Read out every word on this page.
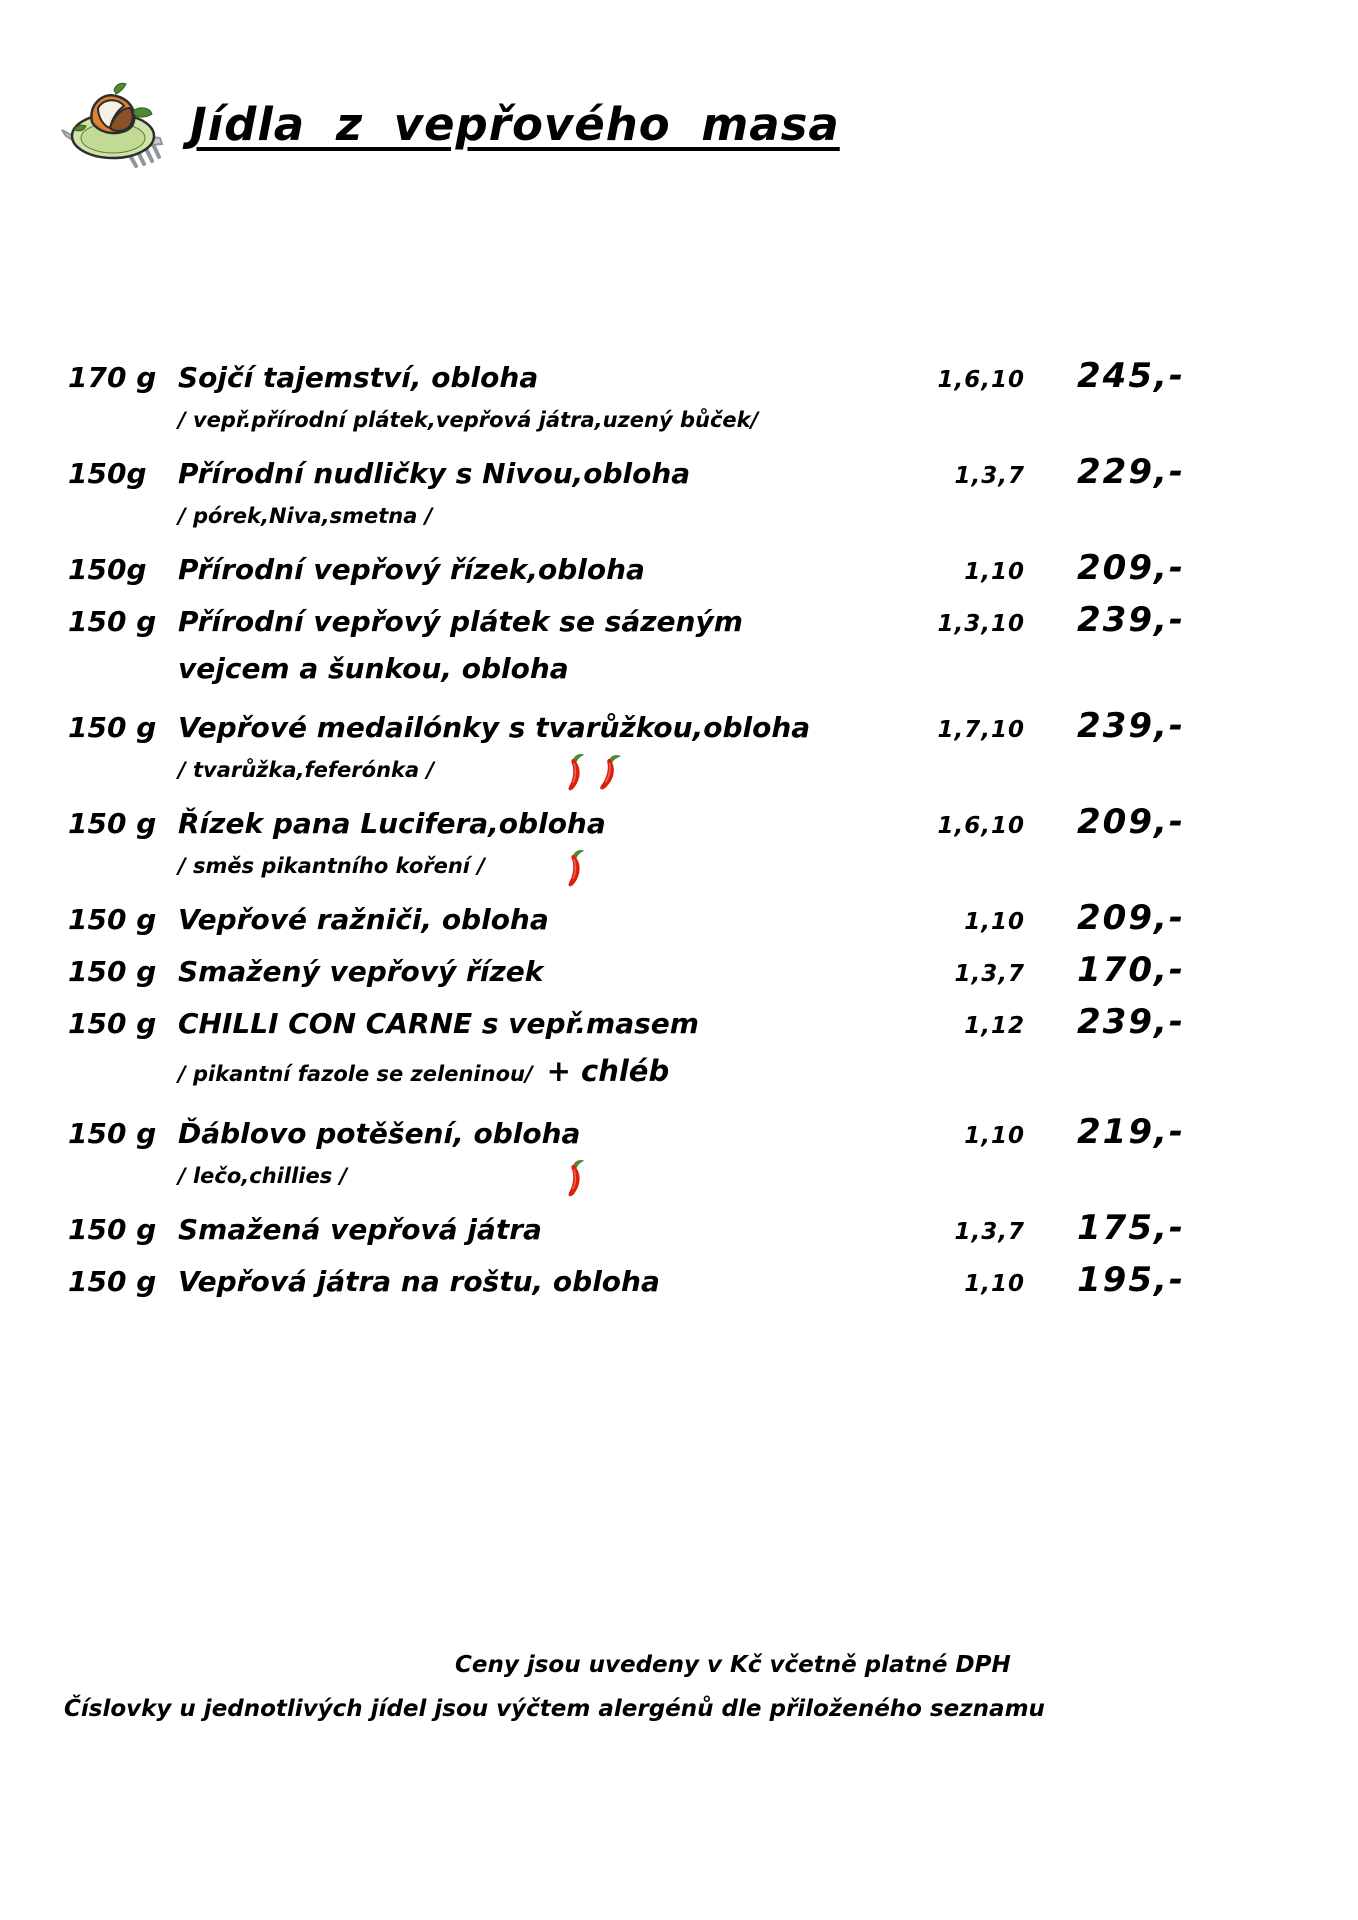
Jídla z vepřového masa
170 g Sojčí tajemství, obloha	1,6,10	245,-
/ vepř.přírodní plátek,vepřová játra,uzený bůček/
150g	Přírodní nudličky s Nivou,obloha	1,3,7	229,-
/ pórek,Niva,smetna /
150g	Přírodní vepřový řízek,obloha	1,10	209,-
150 g Přírodní vepřový plátek se sázeným	1,3,10	239,-
vejcem a šunkou, obloha
150 g Vepřové medailónky s tvarůžkou,obloha	1,7,10	239,-
/ tvarůžka,feferónka /
150 g Řízek pana Lucifera,obloha	1,6,10	209,-
/ směs pikantního koření /
150 g Vepřové ražniči, obloha	1,10	209,-
150 g Smažený vepřový řízek	1,3,7	170,-
150 g CHILLI CON CARNE s vepř.masem	1,12	239,-
/ pikantní fazole se zeleninou/ + chléb
150 g Ďáblovo potěšení, obloha	1,10	219,-
/ lečo,chillies /
150 g Smažená vepřová játra	1,3,7	175,-
150 g Vepřová játra na roštu, obloha	1,10	195,-
Ceny jsou uvedeny v Kč včetně platné DPH
Číslovky u jednotlivých jídel jsou výčtem alergénů dle přiloženého seznamu
